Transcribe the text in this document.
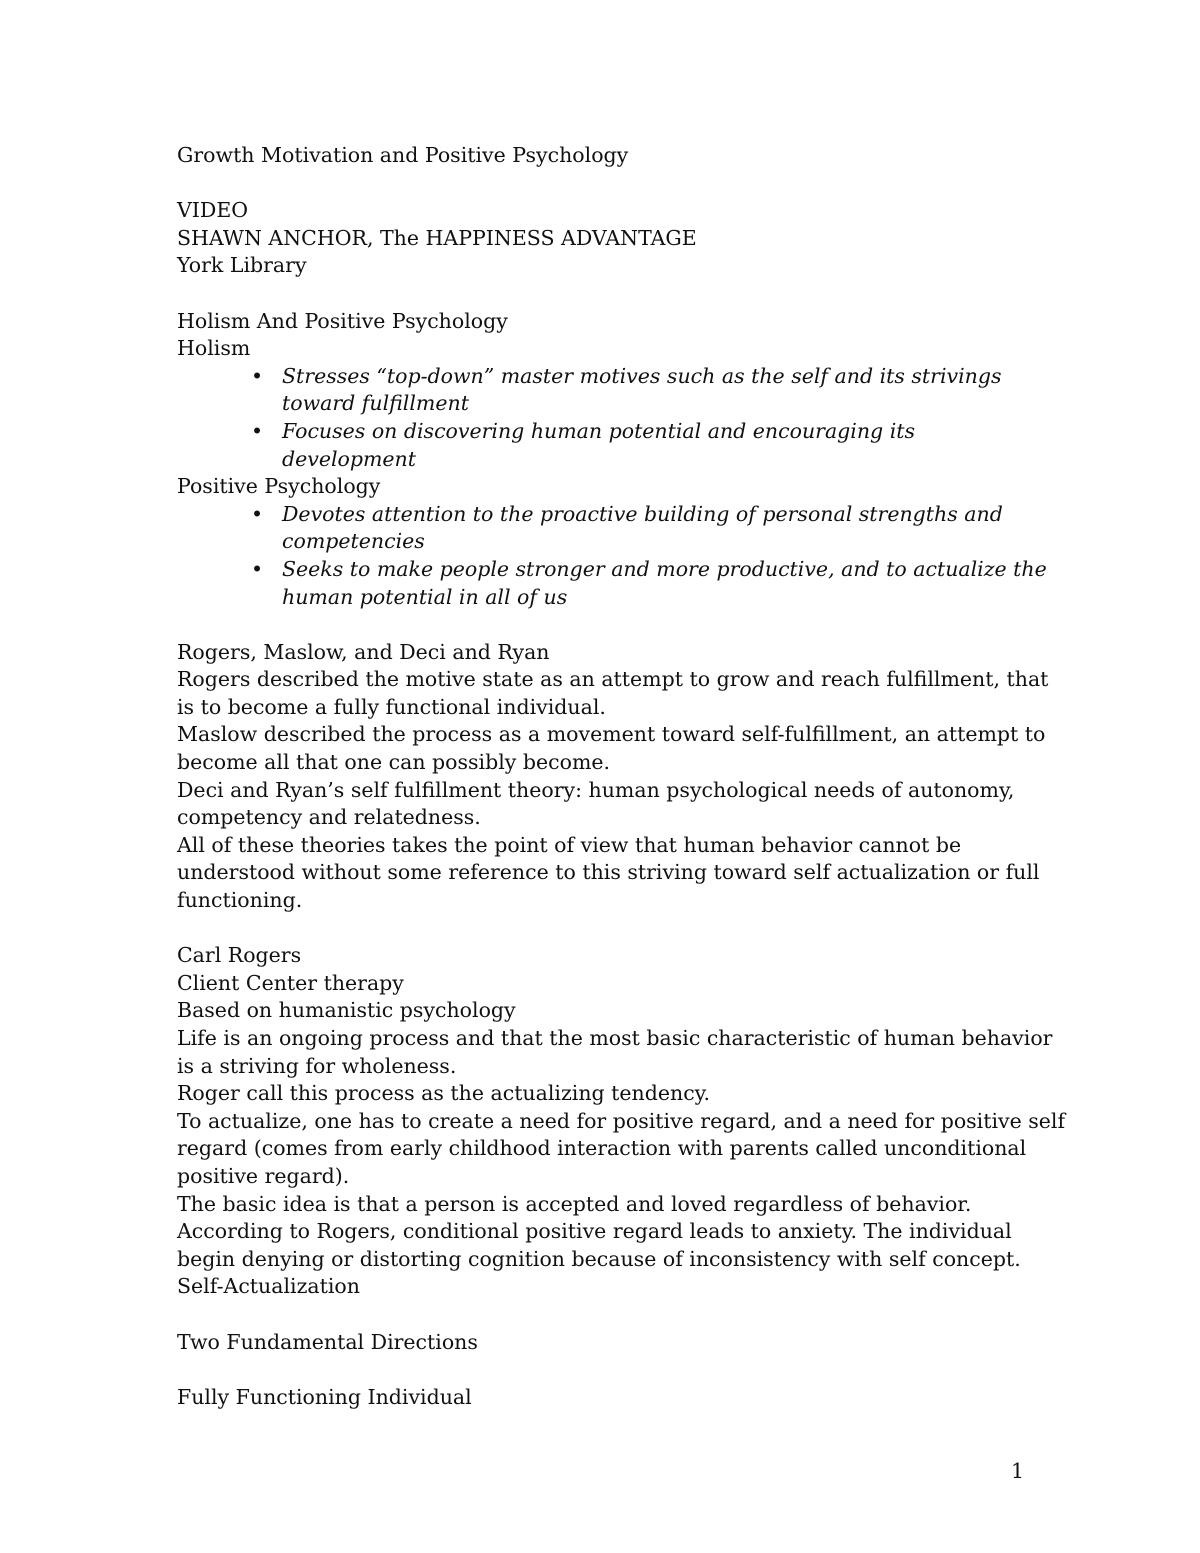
Growth Motivation and Positive Psychology

VIDEO

SHAWN ANCHOR, The HAPPINESS ADVANTAGE

York Library

Holism And Positive Psychology

Holism

• Stresses “top-down” master motives such as the self and its strivings toward fulfillment
• Focuses on discovering human potential and encouraging its development

Positive Psychology

• Devotes attention to the proactive building of personal strengths and competencies
• Seeks to make people stronger and more productive, and to actualize the human potential in all of us

Rogers, Maslow, and Deci and Ryan

Rogers described the motive state as an attempt to grow and reach fulfillment, that

is to become a fully functional individual.

Maslow described the process as a movement toward self-fulfillment, an attempt to

become all that one can possibly become.

Deci and Ryan’s self fulfillment theory: human psychological needs of autonomy,

competency and relatedness.

All of these theories takes the point of view that human behavior cannot be

understood without some reference to this striving toward self actualization or full

functioning.

Carl Rogers

Client Center therapy

Based on humanistic psychology

Life is an ongoing process and that the most basic characteristic of human behavior

is a striving for wholeness.

Roger call this process as the actualizing tendency.

To actualize, one has to create a need for positive regard, and a need for positive self

regard (comes from early childhood interaction with parents called unconditional

positive regard).

The basic idea is that a person is accepted and loved regardless of behavior.

According to Rogers, conditional positive regard leads to anxiety. The individual

begin denying or distorting cognition because of inconsistency with self concept.

Self-Actualization

Two Fundamental Directions

Fully Functioning Individual

1
